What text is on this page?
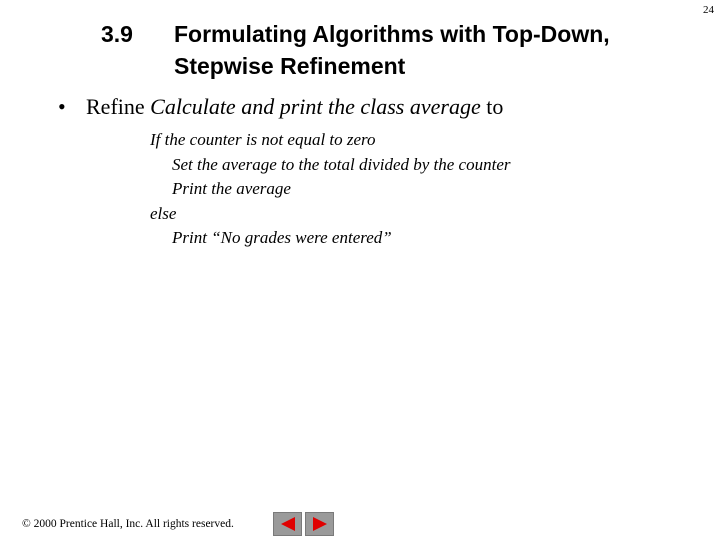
24
3.9 Formulating Algorithms with Top-Down, Stepwise Refinement
• Refine Calculate and print the class average to
If the counter is not equal to zero
Set the average to the total divided by the counter
Print the average
else
Print “No grades were entered”
© 2000 Prentice Hall, Inc. All rights reserved.
